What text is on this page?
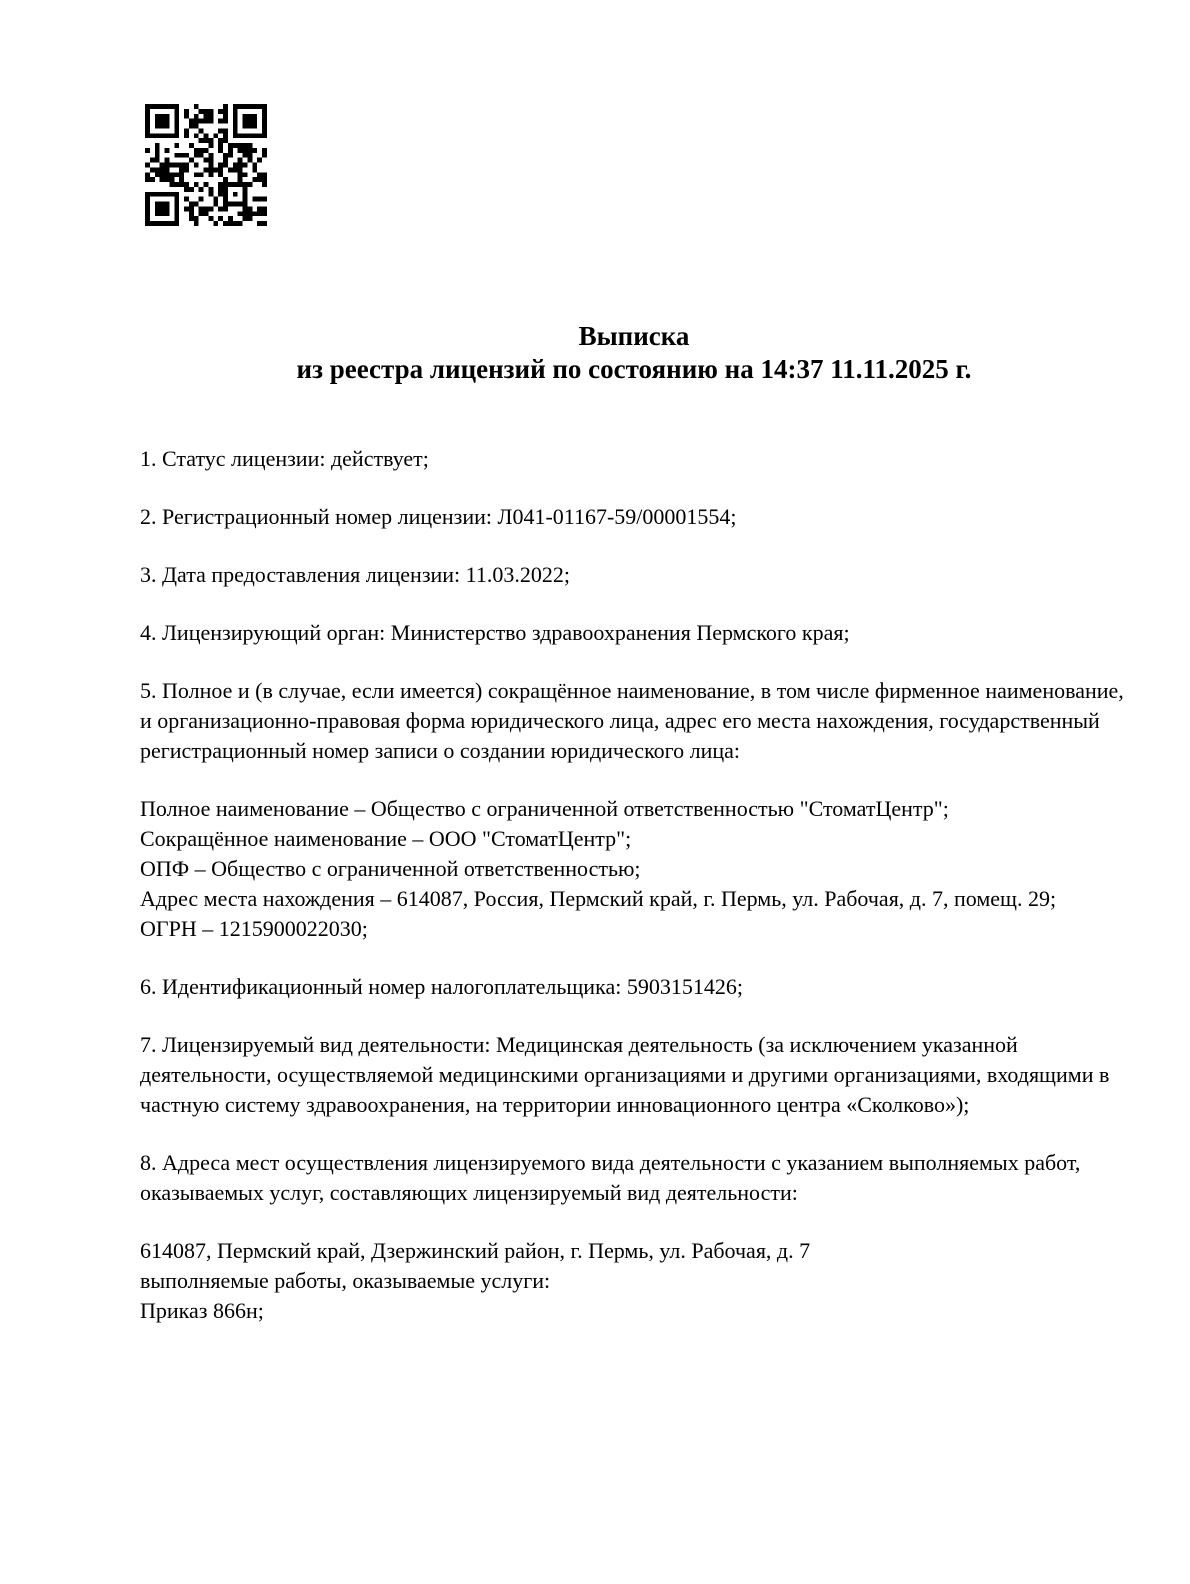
Выписка
из реестра лицензий по состоянию на 14:37 11.11.2025 г.

1. Статус лицензии: действует;

2. Регистрационный номер лицензии: Л041-01167-59/00001554;

3. Дата предоставления лицензии: 11.03.2022;

4. Лицензирующий орган: Министерство здравоохранения Пермского края;

5. Полное и (в случае, если имеется) сокращённое наименование, в том числе фирменное наименование, и организационно-правовая форма юридического лица, адрес его места нахождения, государственный регистрационный номер записи о создании юридического лица:

Полное наименование – Общество с ограниченной ответственностью "СтоматЦентр";
Сокращённое наименование – ООО "СтоматЦентр";
ОПФ – Общество с ограниченной ответственностью;
Адрес места нахождения – 614087, Россия, Пермский край, г. Пермь, ул. Рабочая, д. 7, помещ. 29;
ОГРН – 1215900022030;

6. Идентификационный номер налогоплательщика: 5903151426;

7. Лицензируемый вид деятельности: Медицинская деятельность (за исключением указанной деятельности, осуществляемой медицинскими организациями и другими организациями, входящими в частную систему здравоохранения, на территории инновационного центра «Сколково»);

8. Адреса мест осуществления лицензируемого вида деятельности с указанием выполняемых работ, оказываемых услуг, составляющих лицензируемый вид деятельности:

614087, Пермский край, Дзержинский район, г. Пермь, ул. Рабочая, д. 7
выполняемые работы, оказываемые услуги:
Приказ 866н;
